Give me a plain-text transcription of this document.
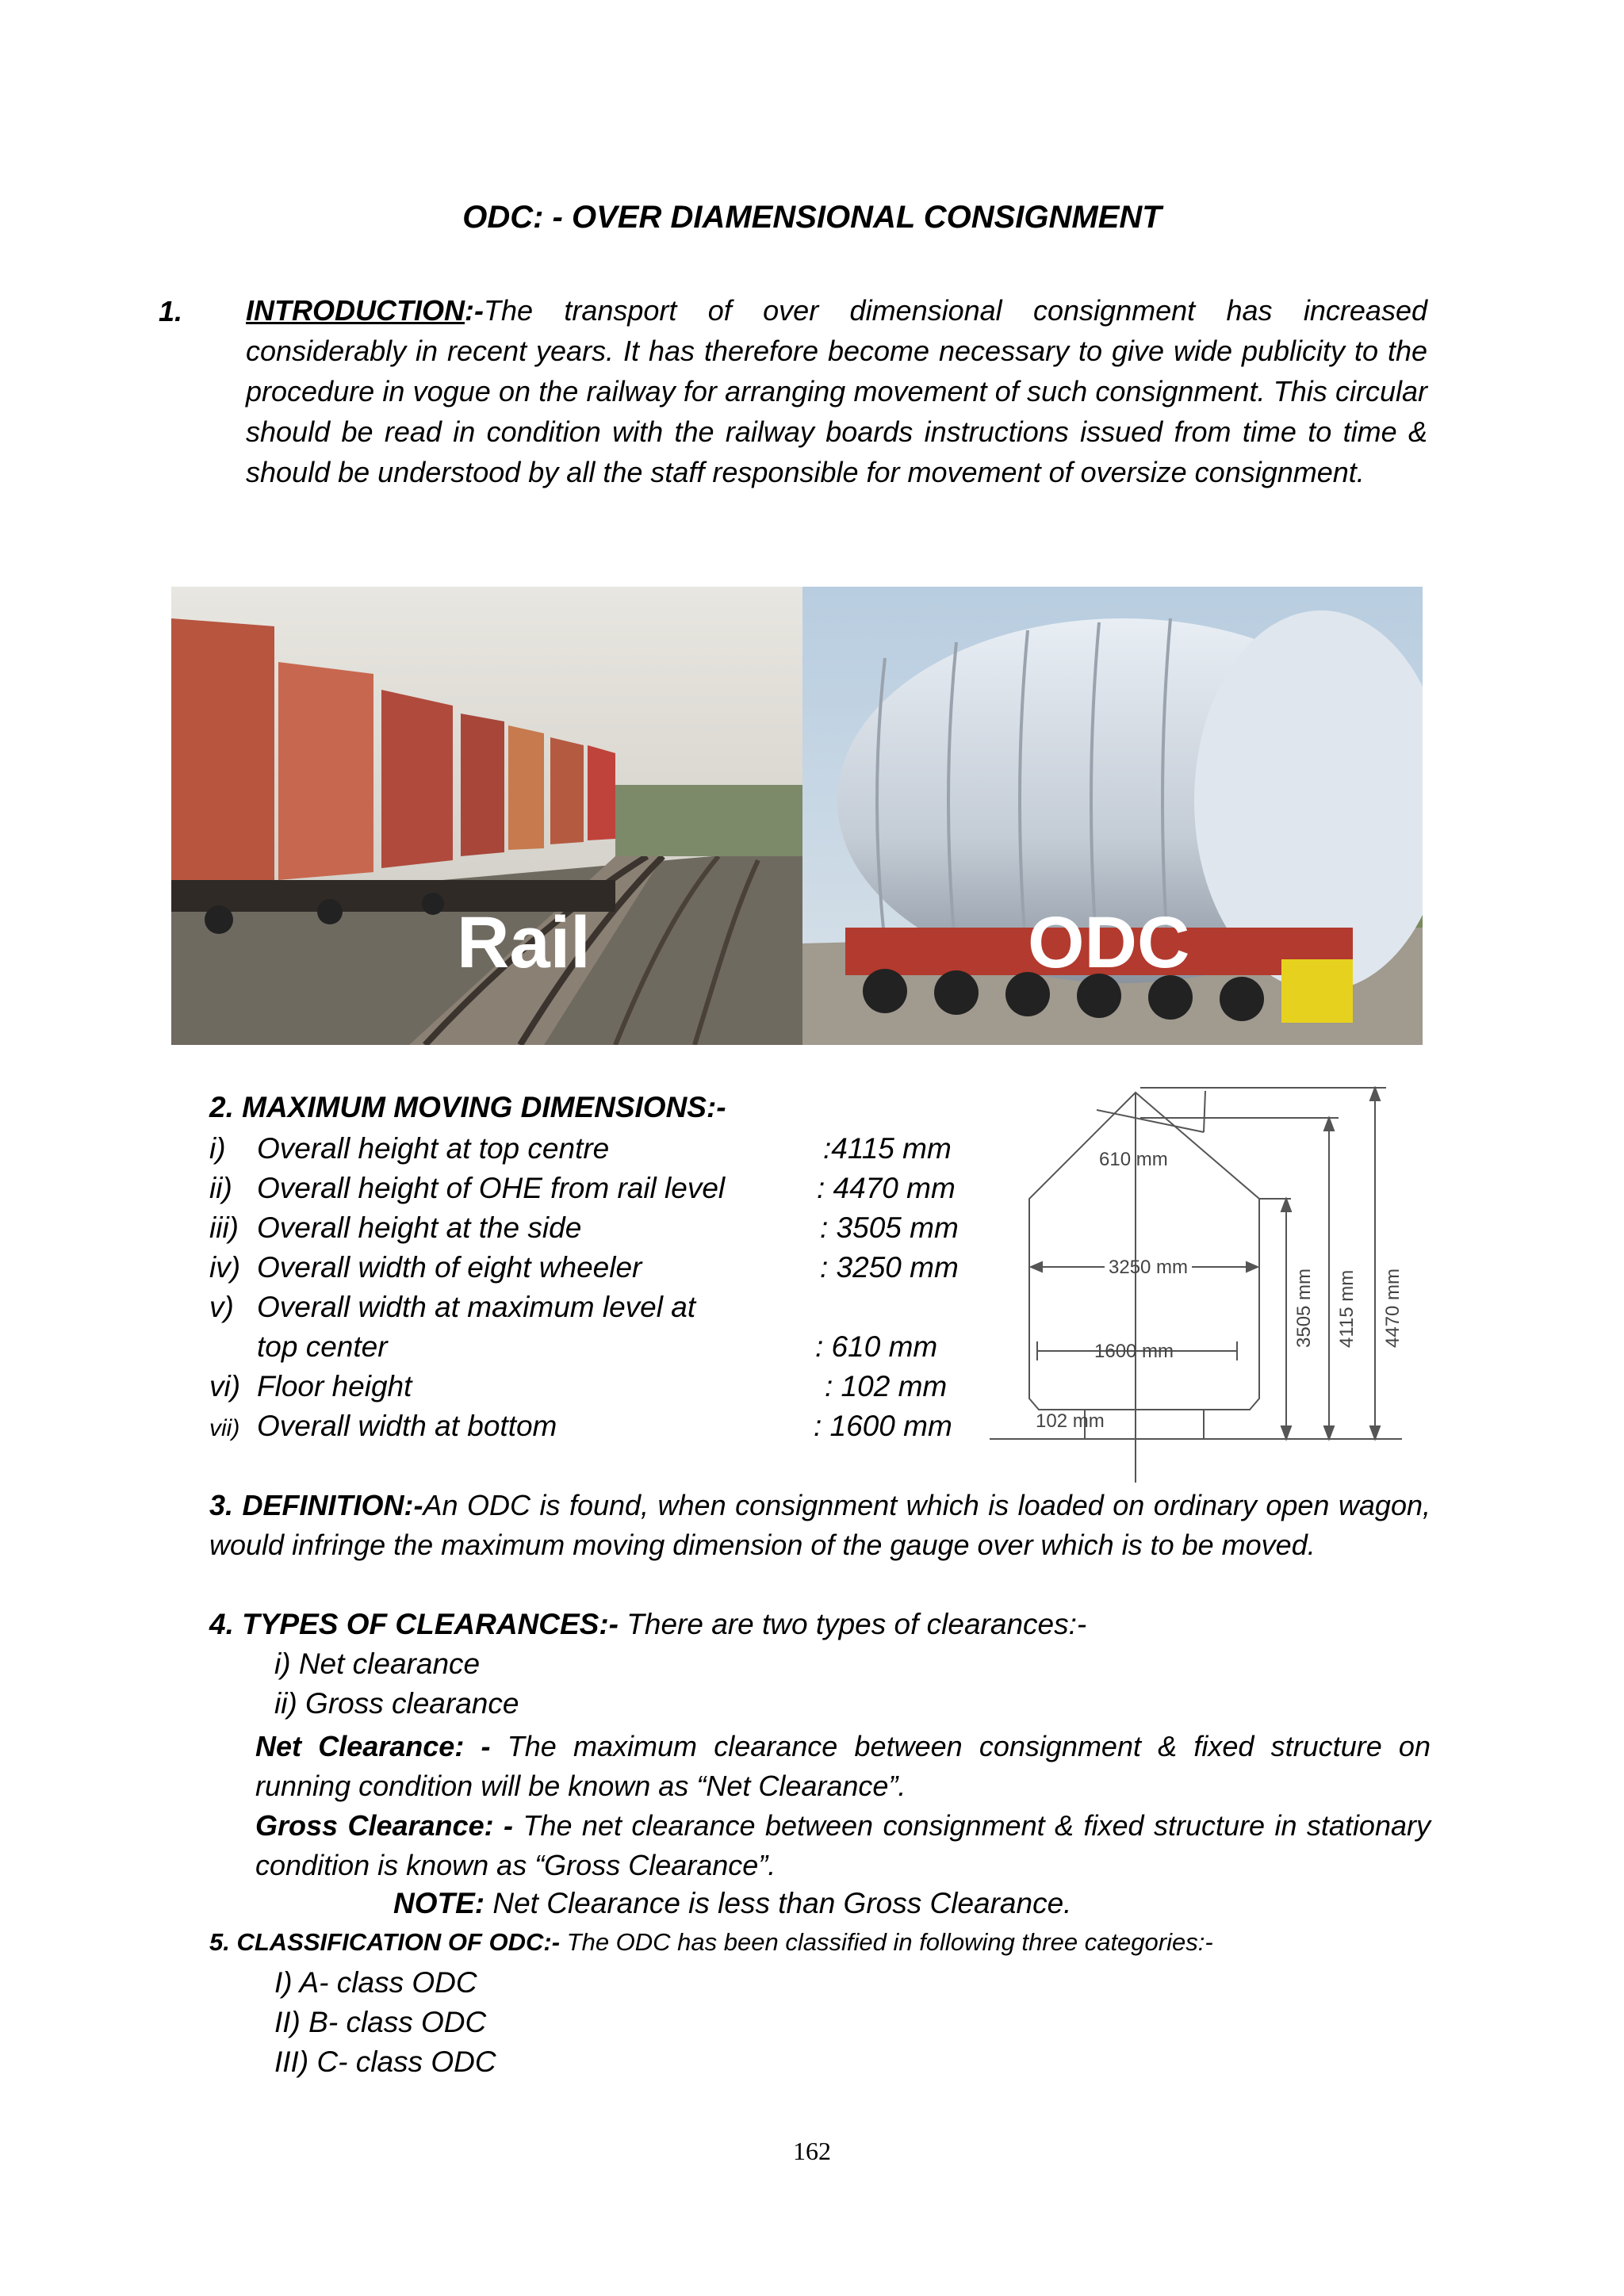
ODC: - OVER DIAMENSIONAL CONSIGNMENT
1. INTRODUCTION:-The transport of over dimensional consignment has increased considerably in recent years. It has therefore become necessary to give wide publicity to the procedure in vogue on the railway for arranging movement of such consignment. This circular should be read in condition with the railway boards instructions issued from time to time & should be understood by all the staff responsible for movement of oversize consignment.
Rail	ODC
2. MAXIMUM MOVING DIMENSIONS:-
i) Overall height at top centre	:4115 mm
ii) Overall height of OHE from rail level	: 4470 mm
iii) Overall height at the side	: 3505 mm
iv) Overall width of eight wheeler	: 3250 mm
v) Overall width at maximum level at
top center	: 610 mm
vi) Floor height	: 102 mm
vii) Overall width at bottom	: 1600 mm
610 mm
3250 mm
1600 mm
102 mm
3505 mm 4115 mm 4470 mm
3. DEFINITION:-An ODC is found, when consignment which is loaded on ordinary open wagon, would infringe the maximum moving dimension of the gauge over which is to be moved.
4. TYPES OF CLEARANCES:- There are two types of clearances:-
i) Net clearance
ii) Gross clearance
Net Clearance: - The maximum clearance between consignment & fixed structure on running condition will be known as “Net Clearance”.
Gross Clearance: - The net clearance between consignment & fixed structure in stationary condition is known as “Gross Clearance”.
NOTE: Net Clearance is less than Gross Clearance.
5. CLASSIFICATION OF ODC:- The ODC has been classified in following three categories:-
I) A- class ODC
II) B- class ODC
III) C- class ODC
162
